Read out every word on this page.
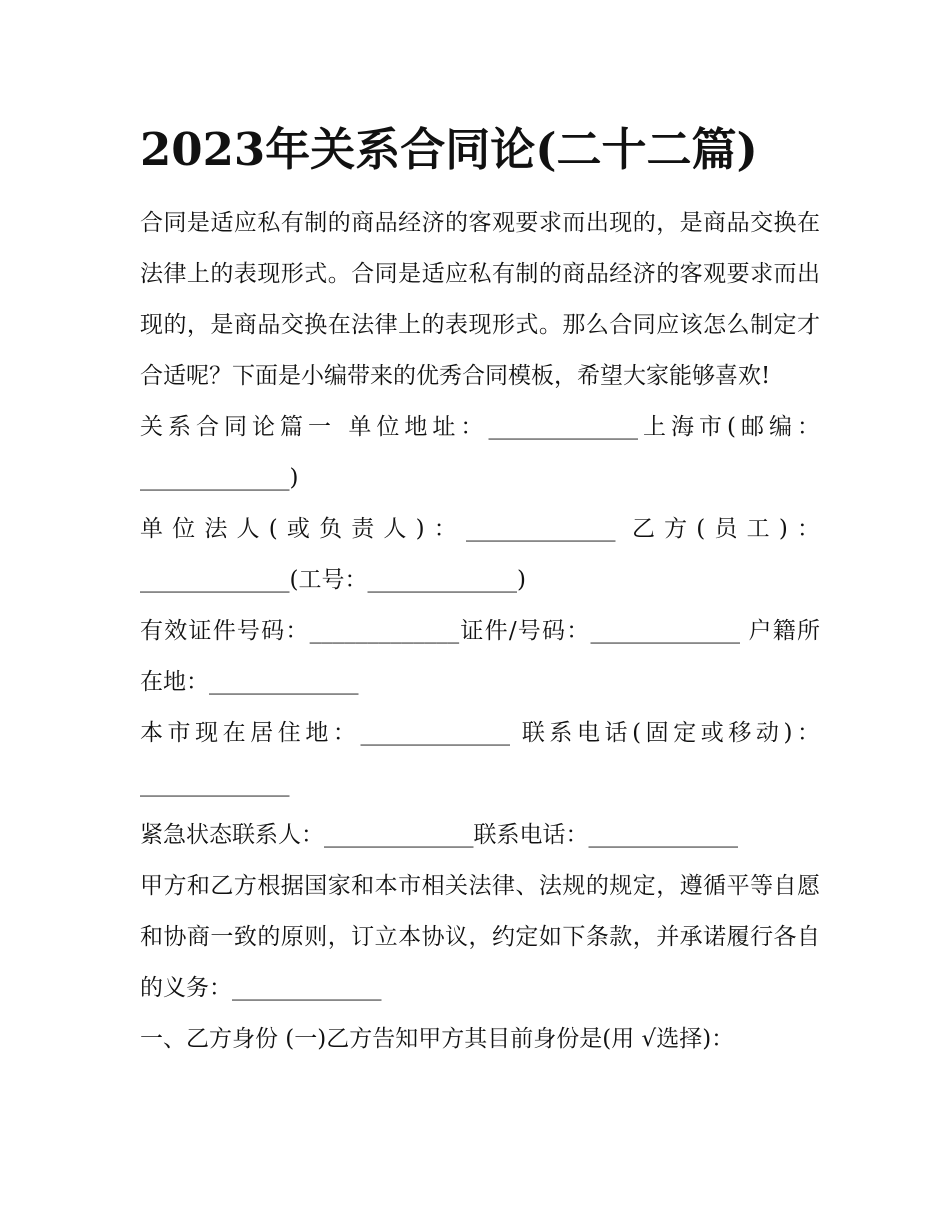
2023年关系合同论(二十二篇)

合同是适应私有制的商品经济的客观要求而出现的，是商品交换在法律上的表现形式。合同是适应私有制的商品经济的客观要求而出现的，是商品交换在法律上的表现形式。那么合同应该怎么制定才合适呢？下面是小编带来的优秀合同模板，希望大家能够喜欢!

关系合同论篇一 单位地址：_____________上海市(邮编：_____________)

单位法人(或负责人)：_____________ 乙方(员工)：_____________(工号：_____________)

有效证件号码：_____________证件/号码：_____________ 户籍所在地：_____________

本市现在居住地：_____________ 联系电话(固定或移动)：_____________

紧急状态联系人：_____________联系电话：_____________

甲方和乙方根据国家和本市相关法律、法规的规定，遵循平等自愿和协商一致的原则，订立本协议，约定如下条款，并承诺履行各自的义务：_____________

一、乙方身份 (一)乙方告知甲方其目前身份是(用 √选择)：
